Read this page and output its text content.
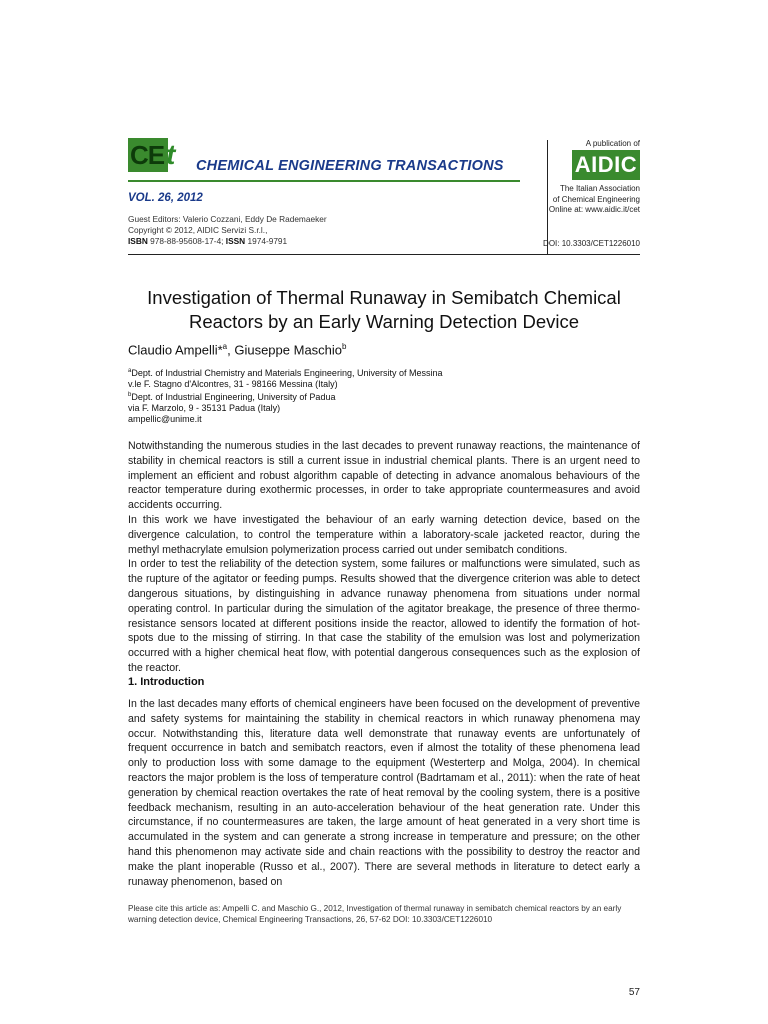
CE t CHEMICAL ENGINEERING TRANSACTIONS
VOL. 26, 2012
Guest Editors: Valerio Cozzani, Eddy De Rademaeker
Copyright © 2012, AIDIC Servizi S.r.l.,
ISBN 978-88-95608-17-4; ISSN 1974-9791
A publication of
AIDIC
The Italian Association
of Chemical Engineering
Online at: www.aidic.it/cet
DOI: 10.3303/CET1226010
Investigation of Thermal Runaway in Semibatch Chemical
Reactors by an Early Warning Detection Device
Claudio Ampelli*$^a$, Giuseppe Maschio$^b$
$^a$Dept. of Industrial Chemistry and Materials Engineering, University of Messina
v.le F. Stagno d'Alcontres, 31 - 98166 Messina (Italy)
$^b$Dept. of Industrial Engineering, University of Padua
via F. Marzolo, 9 - 35131 Padua (Italy)
ampellic@unime.it
Notwithstanding the numerous studies in the last decades to prevent runaway reactions, the maintenance of stability in chemical reactors is still a current issue in industrial chemical plants. There is an urgent need to implement an efficient and robust algorithm capable of detecting in advance anomalous behaviours of the reactor temperature during exothermic processes, in order to take appropriate countermeasures and avoid accidents occurring.
In this work we have investigated the behaviour of an early warning detection device, based on the divergence calculation, to control the temperature within a laboratory-scale jacketed reactor, during the methyl methacrylate emulsion polymerization process carried out under semibatch conditions.
In order to test the reliability of the detection system, some failures or malfunctions were simulated, such as the rupture of the agitator or feeding pumps. Results showed that the divergence criterion was able to detect dangerous situations, by distinguishing in advance runaway phenomena from situations under normal operating control. In particular during the simulation of the agitator breakage, the presence of three thermo-resistance sensors located at different positions inside the reactor, allowed to identify the formation of hot-spots due to the missing of stirring. In that case the stability of the emulsion was lost and polymerization occurred with a higher chemical heat flow, with potential dangerous consequences such as the explosion of the reactor.
1. Introduction
In the last decades many efforts of chemical engineers have been focused on the development of preventive and safety systems for maintaining the stability in chemical reactors in which runaway phenomena may occur. Notwithstanding this, literature data well demonstrate that runaway events are unfortunately of frequent occurrence in batch and semibatch reactors, even if almost the totality of these phenomena lead only to production loss with some damage to the equipment (Westerterp and Molga, 2004). In chemical reactors the major problem is the loss of temperature control (Badrtamam et al., 2011): when the rate of heat generation by chemical reaction overtakes the rate of heat removal by the cooling system, there is a positive feedback mechanism, resulting in an auto-acceleration behaviour of the heat generation rate. Under this circumstance, if no countermeasures are taken, the large amount of heat generated in a very short time is accumulated in the system and can generate a strong increase in temperature and pressure; on the other hand this phenomenon may activate side and chain reactions with the possibility to destroy the reactor and make the plant inoperable (Russo et al., 2007). There are several methods in literature to detect early a runaway phenomenon, based on
Please cite this article as: Ampelli C. and Maschio G., 2012, Investigation of thermal runaway in semibatch chemical reactors by an early warning detection device, Chemical Engineering Transactions, 26, 57-62 DOI: 10.3303/CET1226010
57
